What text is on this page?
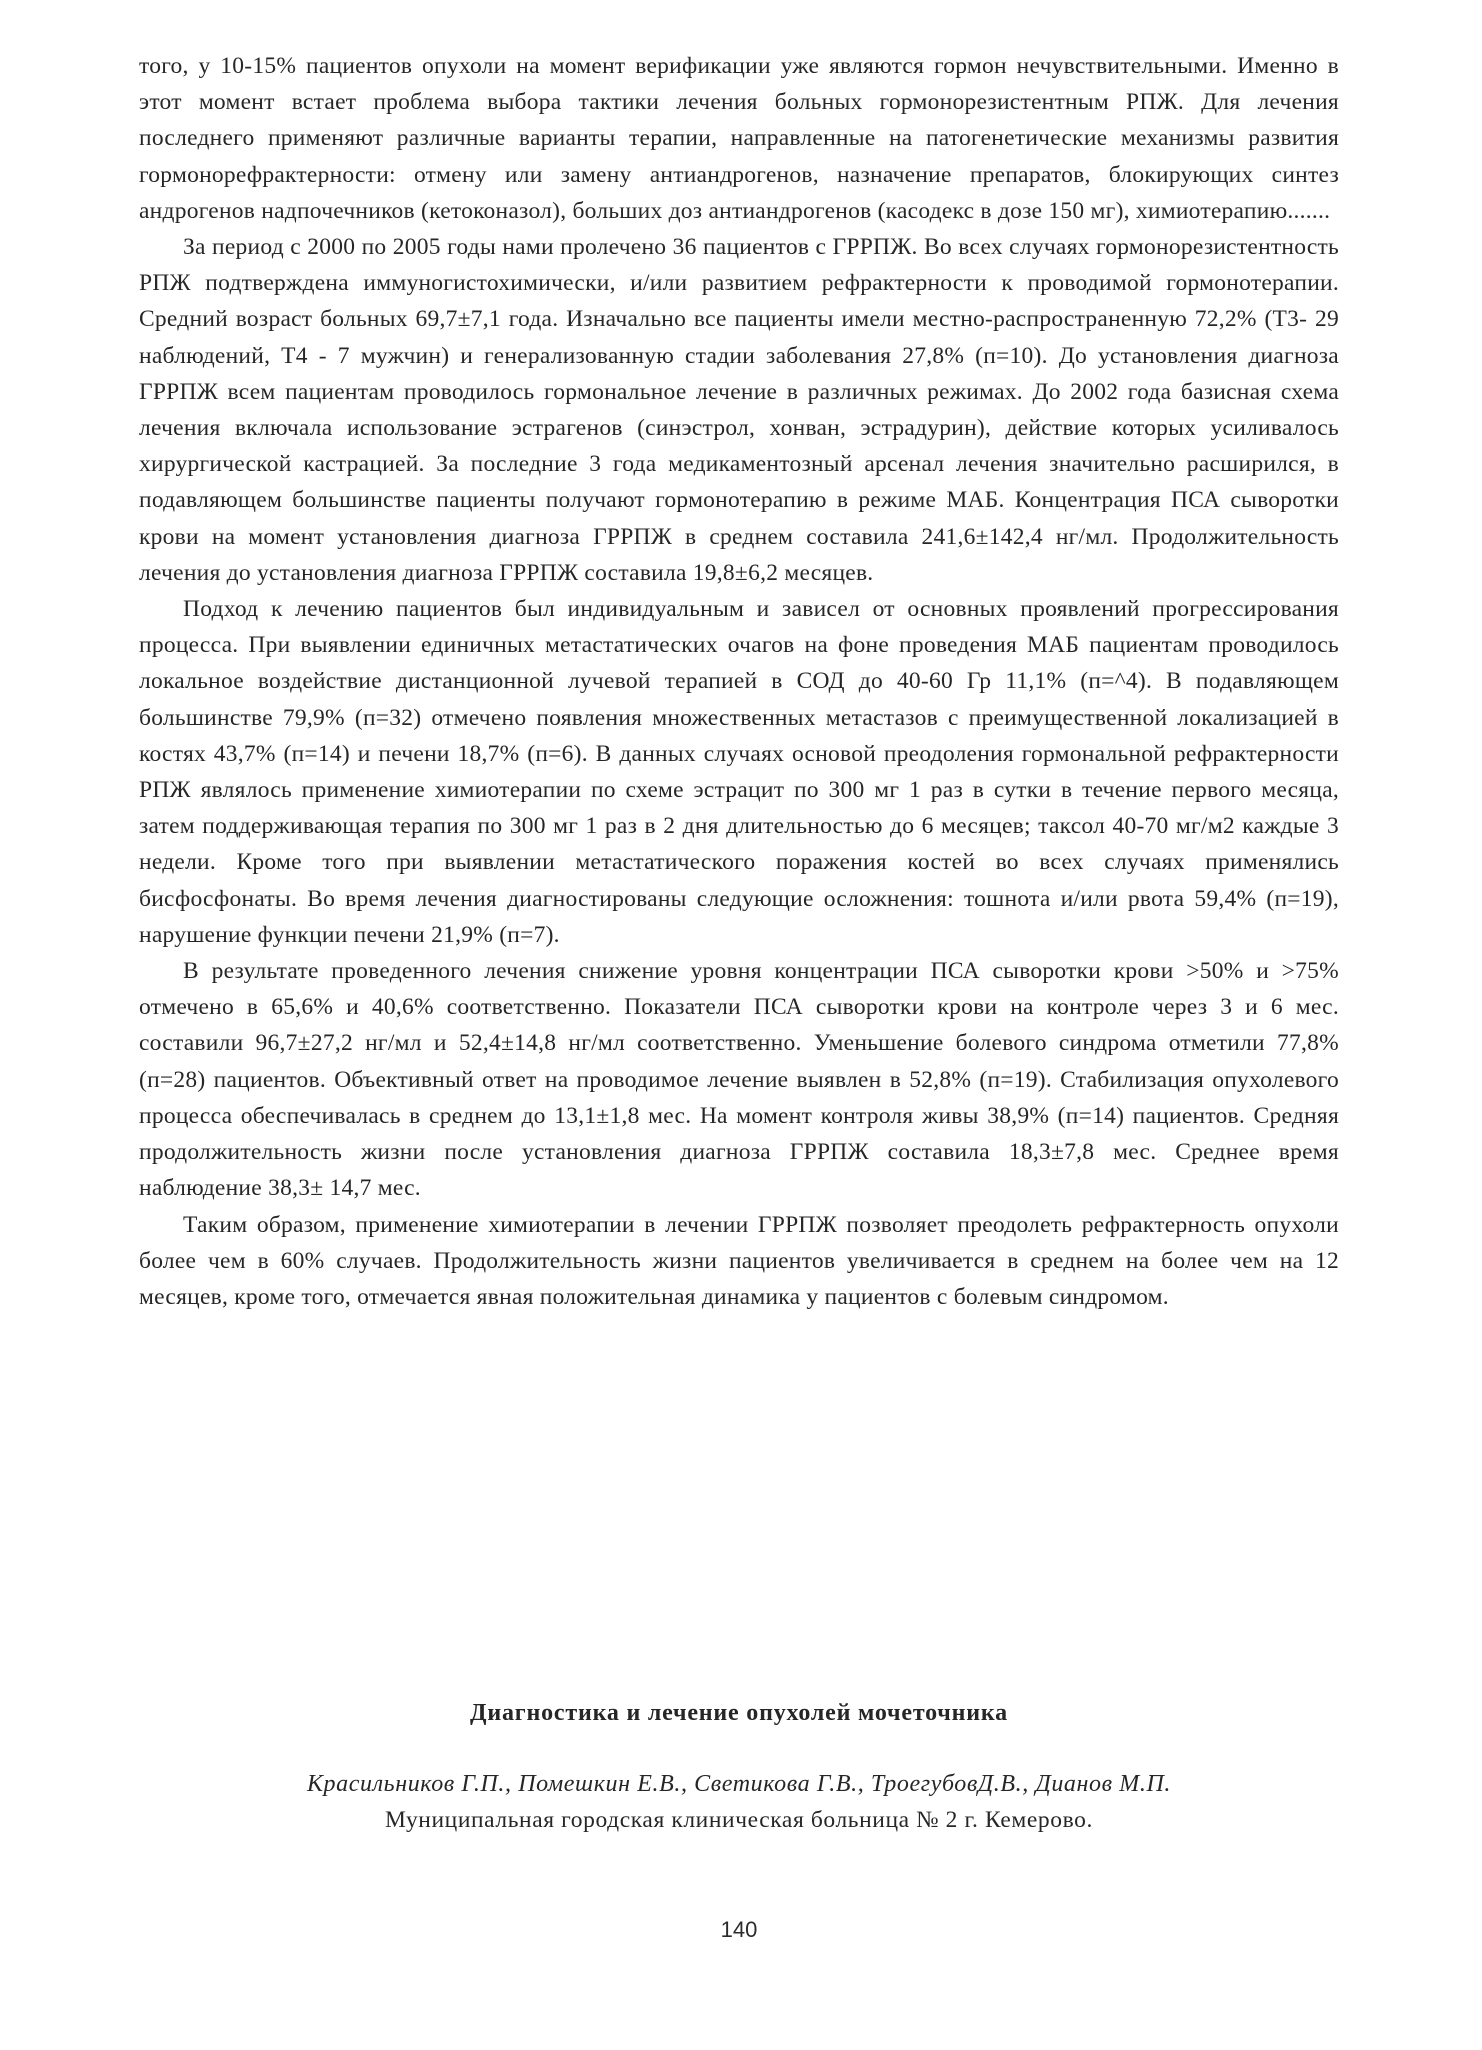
того, у 10-15% пациентов опухоли на момент верификации уже являются гормон нечувствительными. Именно в этот момент встает проблема выбора тактики лечения больных гормонорезистентным РПЖ. Для лечения последнего применяют различные варианты терапии, направленные на патогенетические механизмы развития гормонорефрактерности: отмену или замену антиандрогенов, назначение препаратов, блокирующих синтез андрогенов надпочечников (кетоконазол), больших доз антиандрогенов (касодекс в дозе 150 мг), химиотерапию.......

За период с 2000 по 2005 годы нами пролечено 36 пациентов с ГРРПЖ. Во всех случаях гормонорезистентность РПЖ подтверждена иммуногистохимически, и/или развитием рефрактерности к проводимой гормонотерапии. Средний возраст больных 69,7±7,1 года. Изначально все пациенты имели местно-распространенную 72,2% (Т3- 29 наблюдений, Т4 - 7 мужчин) и генерализованную стадии заболевания 27,8% (п=10). До установления диагноза ГРРПЖ всем пациентам проводилось гормональное лечение в различных режимах. До 2002 года базисная схема лечения включала использование эстрагенов (синэстрол, хонван, эстрадурин), действие которых усиливалось хирургической кастрацией. За последние 3 года медикаментозный арсенал лечения значительно расширился, в подавляющем большинстве пациенты получают гормонотерапию в режиме МАБ. Концентрация ПСА сыворотки крови на момент установления диагноза ГРРПЖ в среднем составила 241,6±142,4 нг/мл. Продолжительность лечения до установления диагноза ГРРПЖ составила 19,8±6,2 месяцев.

Подход к лечению пациентов был индивидуальным и зависел от основных проявлений прогрессирования процесса. При выявлении единичных метастатических очагов на фоне проведения МАБ пациентам проводилось локальное воздействие дистанционной лучевой терапией в СОД до 40-60 Гр 11,1% (п=^4). В подавляющем большинстве 79,9% (п=32) отмечено появления множественных метастазов с преимущественной локализацией в костях 43,7% (п=14) и печени 18,7% (п=6). В данных случаях основой преодоления гормональной рефрактерности РПЖ являлось применение химиотерапии по схеме эстрацит по 300 мг 1 раз в сутки в течение первого месяца, затем поддерживающая терапия по 300 мг 1 раз в 2 дня длительностью до 6 месяцев; таксол 40-70 мг/м2 каждые 3 недели. Кроме того при выявлении метастатического поражения костей во всех случаях применялись бисфосфонаты. Во время лечения диагностированы следующие осложнения: тошнота и/или рвота 59,4% (п=19), нарушение функции печени 21,9% (п=7).

В результате проведенного лечения снижение уровня концентрации ПСА сыворотки крови >50% и >75% отмечено в 65,6% и 40,6% соответственно. Показатели ПСА сыворотки крови на контроле через 3 и 6 мес. составили 96,7±27,2 нг/мл и 52,4±14,8 нг/мл соответственно. Уменьшение болевого синдрома отметили 77,8% (п=28) пациентов. Объективный ответ на проводимое лечение выявлен в 52,8% (п=19). Стабилизация опухолевого процесса обеспечивалась в среднем до 13,1±1,8 мес. На момент контроля живы 38,9% (п=14) пациентов. Средняя продолжительность жизни после установления диагноза ГРРПЖ составила 18,3±7,8 мес. Среднее время наблюдение 38,3± 14,7 мес.

Таким образом, применение химиотерапии в лечении ГРРПЖ позволяет преодолеть рефрактерность опухоли более чем в 60% случаев. Продолжительность жизни пациентов увеличивается в среднем на более чем на 12 месяцев, кроме того, отмечается явная положительная динамика у пациентов с болевым синдромом.

Диагностика и лечение опухолей мочеточника

Красильников Г.П., Помешкин Е.В., Светикова Г.В., ТроегубовД.В., Дианов М.П.

Муниципальная городская клиническая больница № 2 г. Кемерово.

140
